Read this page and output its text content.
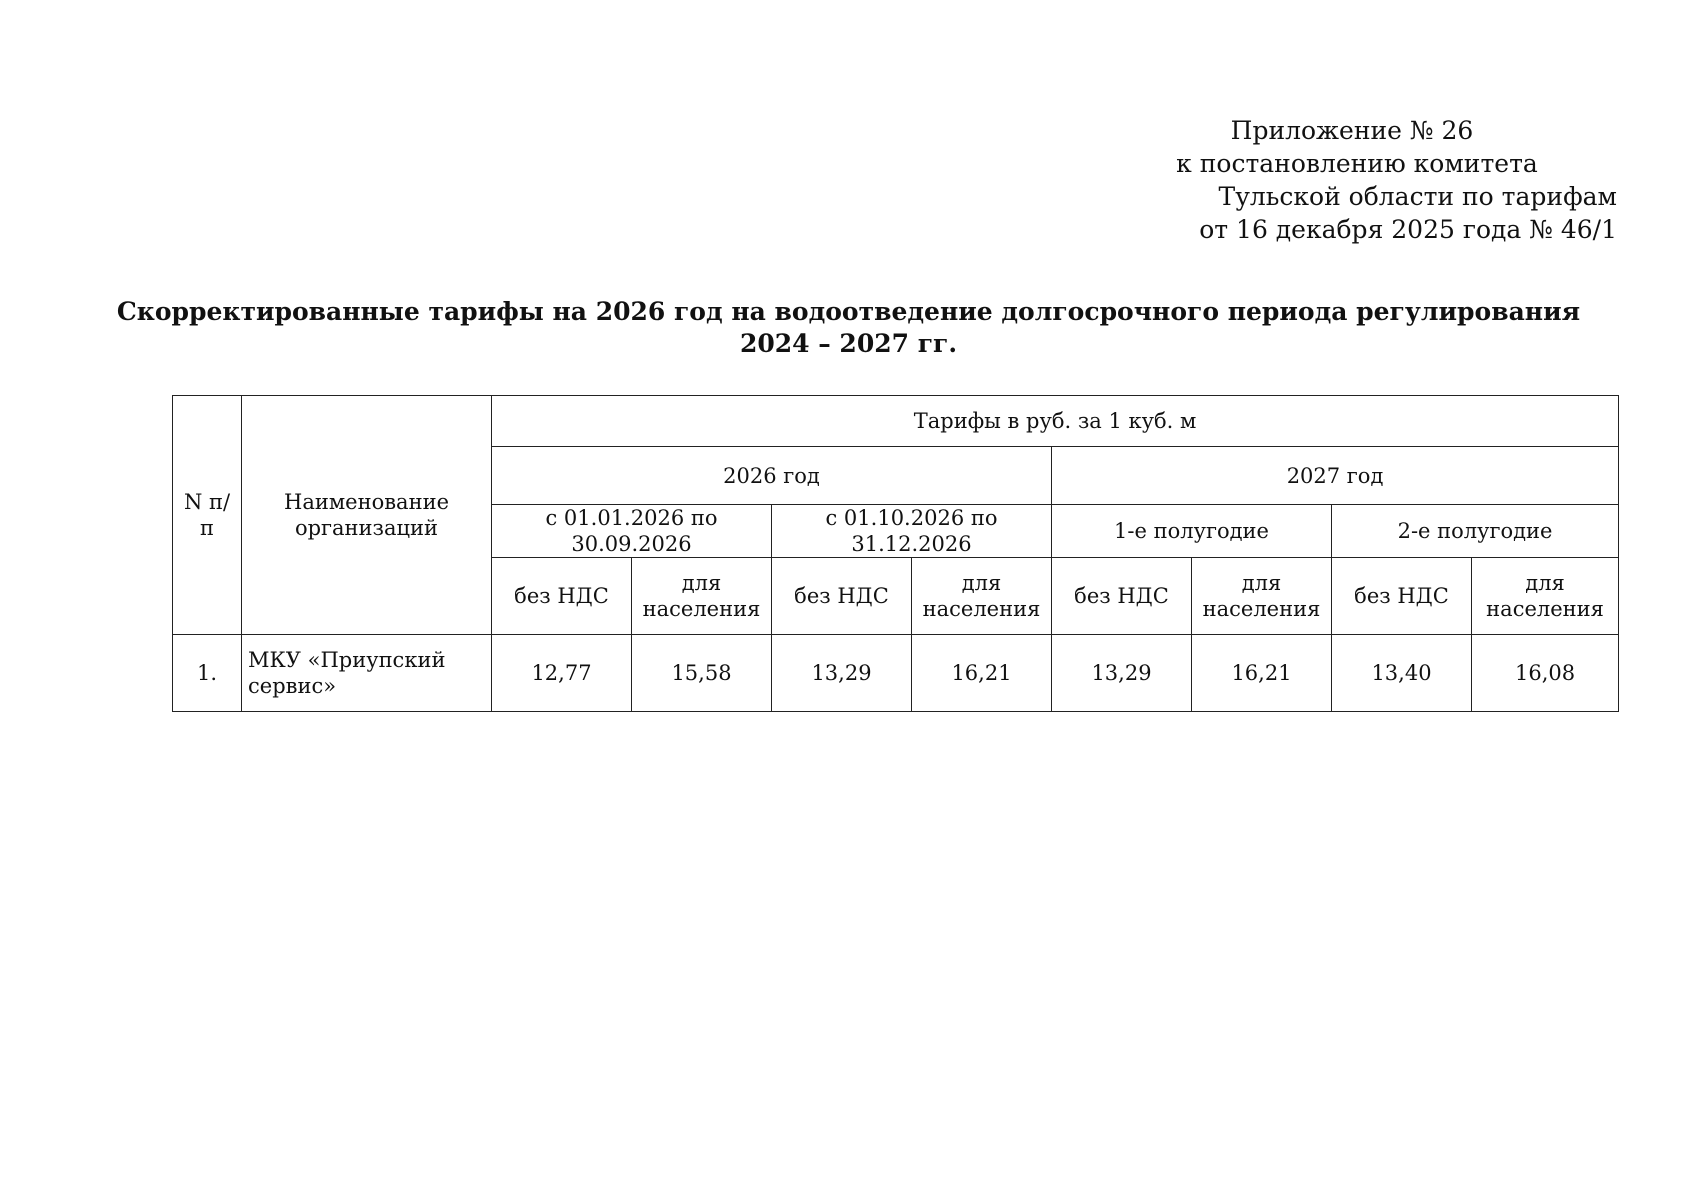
Приложение № 26
к постановлению комитета
Тульской области по тарифам
от 16 декабря 2025 года № 46/1
Скорректированные тарифы на 2026 год на водоотведение долгосрочного периода регулирования
2024 – 2027 гг.
N п/п	Наименование организаций	Тарифы в руб. за 1 куб. м							
		2026 год				2027 год			
		с 01.01.2026 по 30.09.2026		с 01.10.2026 по 31.12.2026		1-е полугодие		2-е полугодие	
		без НДС	для населения	без НДС	для населения	без НДС	для населения	без НДС	для населения
1.	МКУ «Приупский сервис»	12,77	15,58	13,29	16,21	13,29	16,21	13,40	16,08
